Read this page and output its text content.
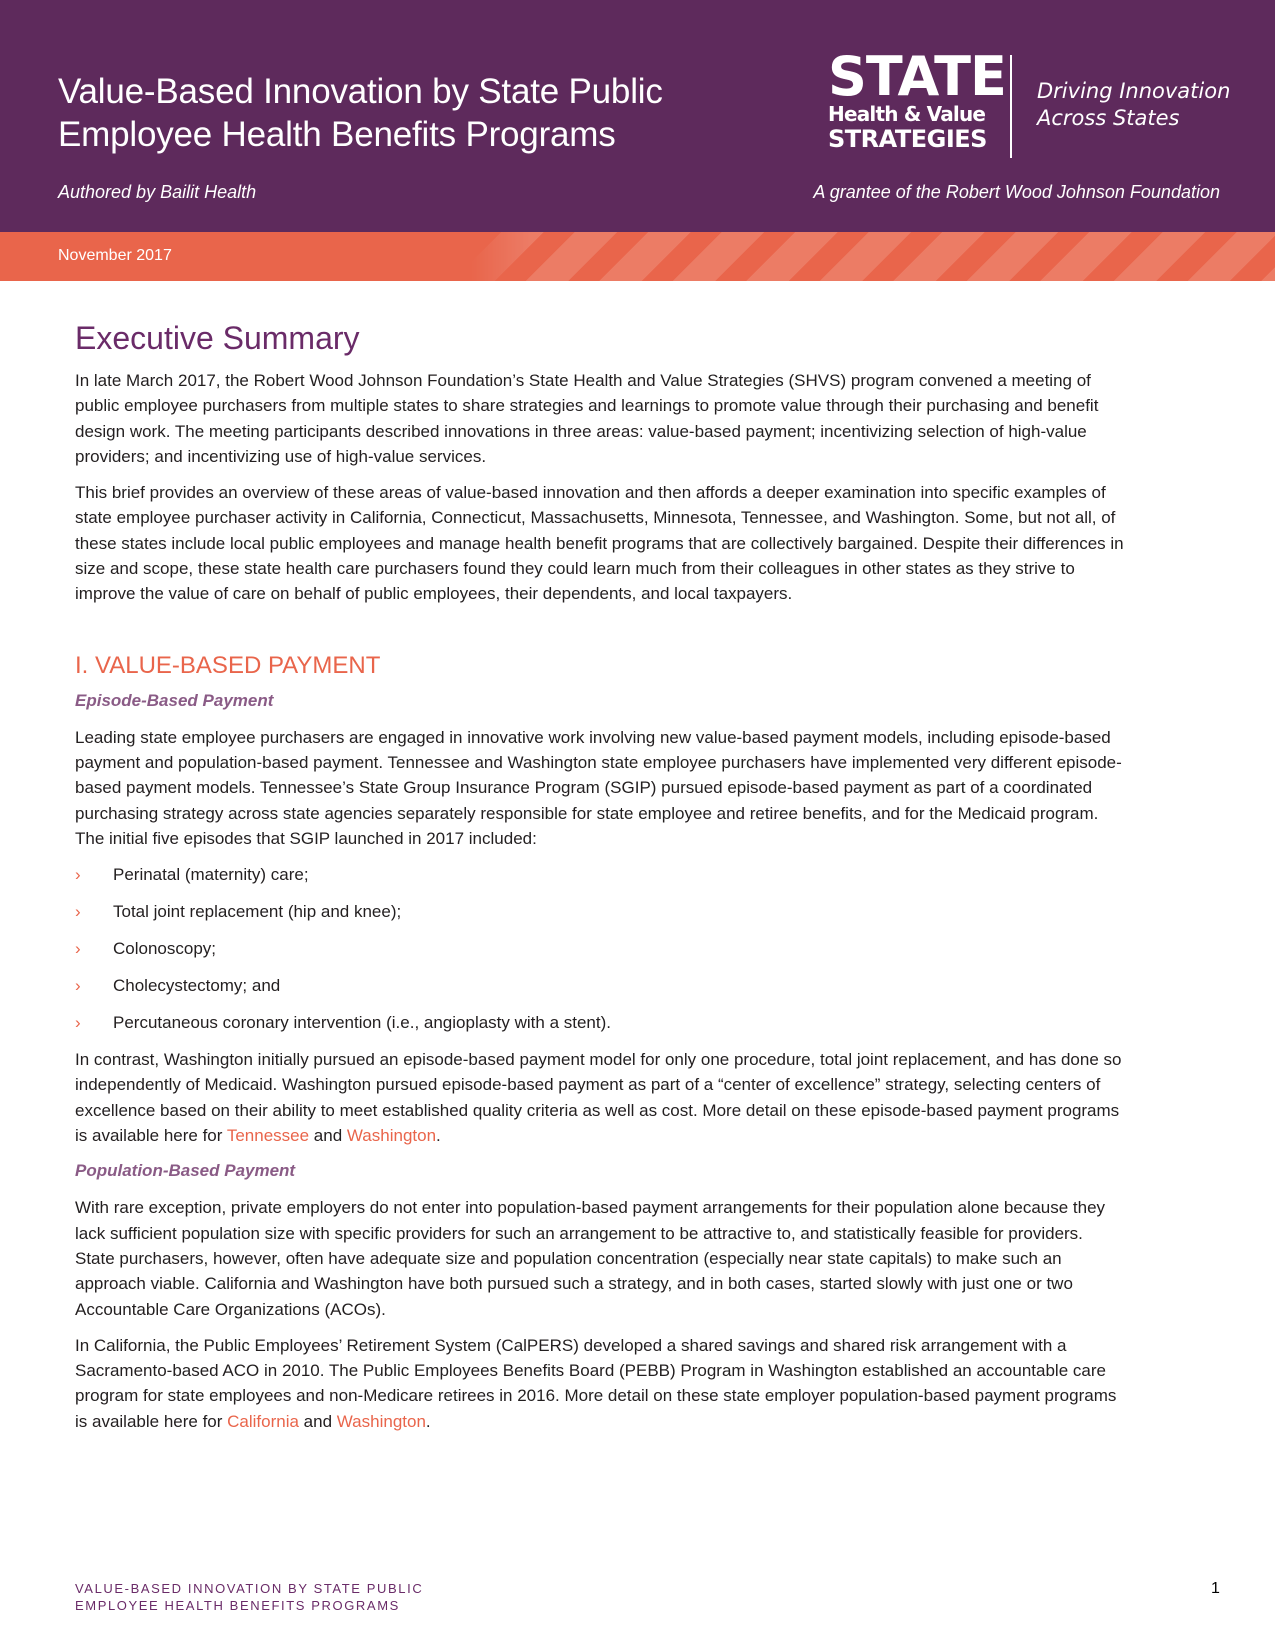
Value-Based Innovation by State Public
Employee Health Benefits Programs
Authored by Bailit Health
STATE
Health & Value
STRATEGIES
Driving Innovation
Across States
A grantee of the Robert Wood Johnson Foundation
November 2017
Executive Summary

In late March 2017, the Robert Wood Johnson Foundation’s State Health and Value Strategies (SHVS) program convened a meeting of public employee purchasers from multiple states to share strategies and learnings to promote value through their purchasing and benefit design work. The meeting participants described innovations in three areas: value-based payment; incentivizing selection of high-value providers; and incentivizing use of high-value services.

This brief provides an overview of these areas of value-based innovation and then affords a deeper examination into specific examples of state employee purchaser activity in California, Connecticut, Massachusetts, Minnesota, Tennessee, and Washington. Some, but not all, of these states include local public employees and manage health benefit programs that are collectively bargained. Despite their differences in size and scope, these state health care purchasers found they could learn much from their colleagues in other states as they strive to improve the value of care on behalf of public employees, their dependents, and local taxpayers.

I. VALUE-BASED PAYMENT
Episode-Based Payment

Leading state employee purchasers are engaged in innovative work involving new value-based payment models, including episode-based payment and population-based payment. Tennessee and Washington state employee purchasers have implemented very different episode-based payment models. Tennessee’s State Group Insurance Program (SGIP) pursued episode-based payment as part of a coordinated purchasing strategy across state agencies separately responsible for state employee and retiree benefits, and for the Medicaid program. The initial five episodes that SGIP launched in 2017 included:

› Perinatal (maternity) care;
› Total joint replacement (hip and knee);
› Colonoscopy;
› Cholecystectomy; and
› Percutaneous coronary intervention (i.e., angioplasty with a stent).

In contrast, Washington initially pursued an episode-based payment model for only one procedure, total joint replacement, and has done so independently of Medicaid. Washington pursued episode-based payment as part of a “center of excellence” strategy, selecting centers of excellence based on their ability to meet established quality criteria as well as cost. More detail on these episode-based payment programs is available here for Tennessee and Washington.

Population-Based Payment

With rare exception, private employers do not enter into population-based payment arrangements for their population alone because they lack sufficient population size with specific providers for such an arrangement to be attractive to, and statistically feasible for providers. State purchasers, however, often have adequate size and population concentration (especially near state capitals) to make such an approach viable. California and Washington have both pursued such a strategy, and in both cases, started slowly with just one or two Accountable Care Organizations (ACOs).

In California, the Public Employees’ Retirement System (CalPERS) developed a shared savings and shared risk arrangement with a Sacramento-based ACO in 2010. The Public Employees Benefits Board (PEBB) Program in Washington established an accountable care program for state employees and non-Medicare retirees in 2016. More detail on these state employer population-based payment programs is available here for California and Washington.

VALUE-BASED INNOVATION BY STATE PUBLIC
EMPLOYEE HEALTH BENEFITS PROGRAMS
1
